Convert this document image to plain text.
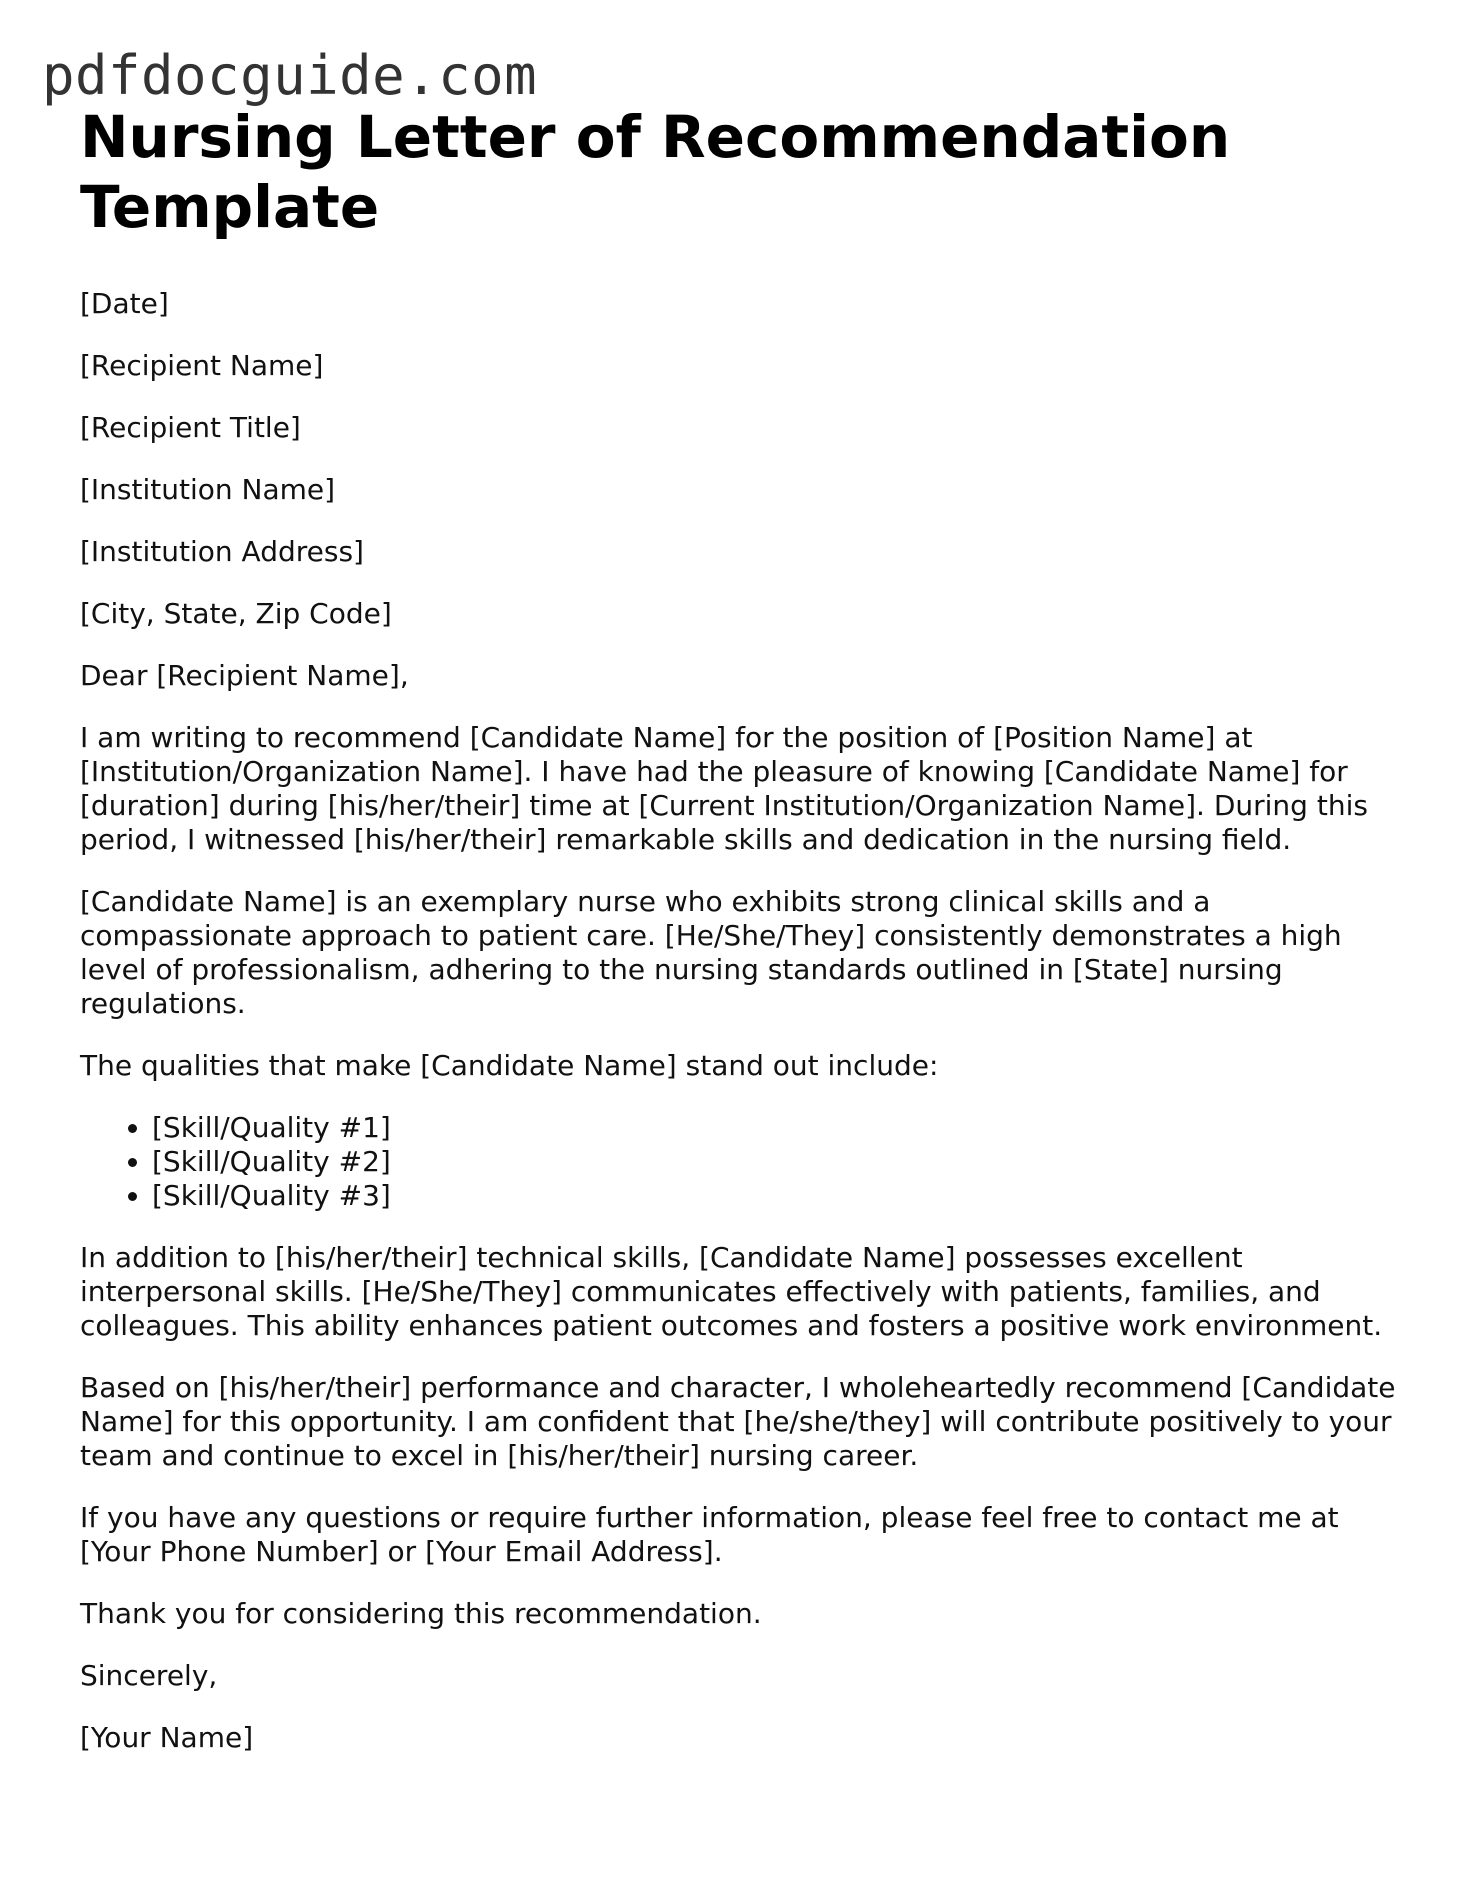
pdfdocguide.com
Nursing Letter of Recommendation Template

[Date]

[Recipient Name]

[Recipient Title]

[Institution Name]

[Institution Address]

[City, State, Zip Code]

Dear [Recipient Name],

I am writing to recommend [Candidate Name] for the position of [Position Name] at [Institution/Organization Name]. I have had the pleasure of knowing [Candidate Name] for [duration] during [his/her/their] time at [Current Institution/Organization Name]. During this period, I witnessed [his/her/their] remarkable skills and dedication in the nursing field.

[Candidate Name] is an exemplary nurse who exhibits strong clinical skills and a compassionate approach to patient care. [He/She/They] consistently demonstrates a high level of professionalism, adhering to the nursing standards outlined in [State] nursing regulations.

The qualities that make [Candidate Name] stand out include:

• [Skill/Quality #1]
• [Skill/Quality #2]
• [Skill/Quality #3]

In addition to [his/her/their] technical skills, [Candidate Name] possesses excellent interpersonal skills. [He/She/They] communicates effectively with patients, families, and colleagues. This ability enhances patient outcomes and fosters a positive work environment.

Based on [his/her/their] performance and character, I wholeheartedly recommend [Candidate Name] for this opportunity. I am confident that [he/she/they] will contribute positively to your team and continue to excel in [his/her/their] nursing career.

If you have any questions or require further information, please feel free to contact me at [Your Phone Number] or [Your Email Address].

Thank you for considering this recommendation.

Sincerely,

[Your Name]
